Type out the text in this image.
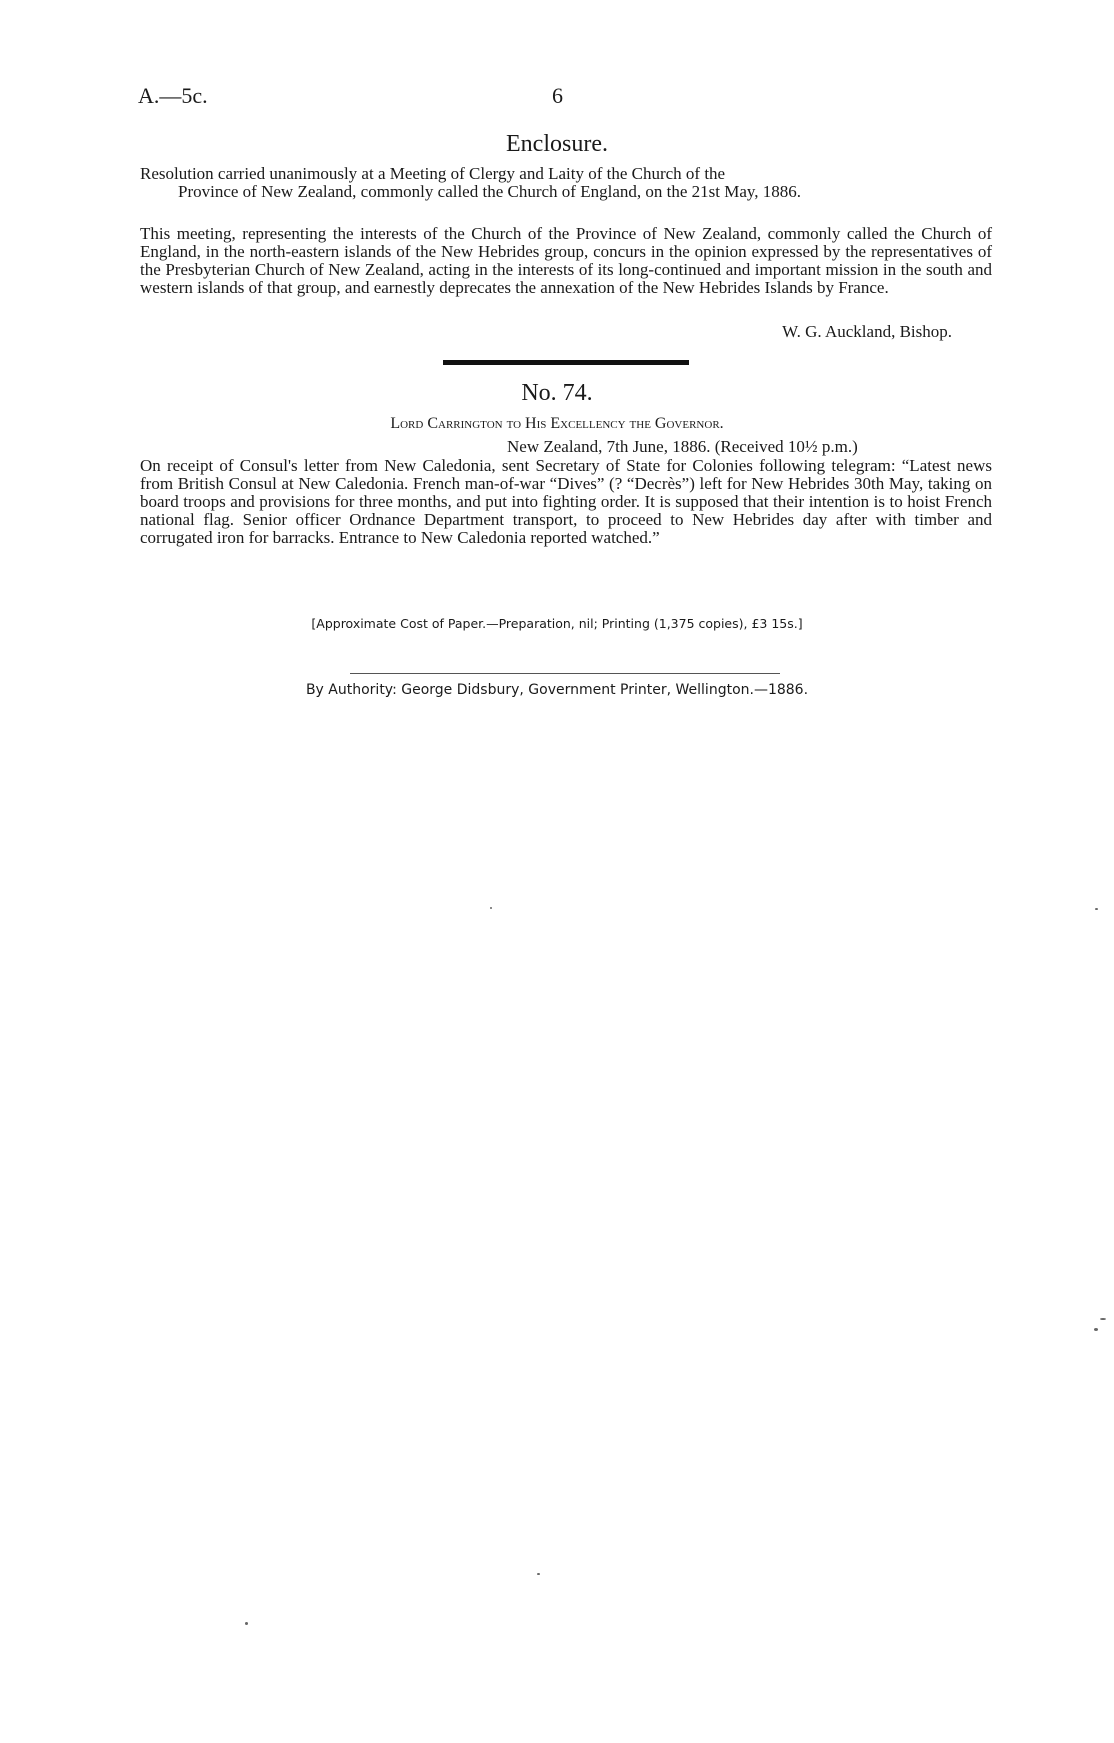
A.—5c.	6
Enclosure.
Resolution carried unanimously at a Meeting of Clergy and Laity of the Church of the
Province of New Zealand, commonly called the Church of England, on the 21st May, 1886.
This meeting, representing the interests of the Church of the Province of New Zealand, commonly called the Church of England, in the north-eastern islands of the New Hebrides group, concurs in the opinion expressed by the representatives of the Presbyterian Church of New Zealand, acting in the interests of its long-continued and important mission in the south and western islands of that group, and earnestly deprecates the annexation of the New Hebrides Islands by France.
W. G. Auckland, Bishop.
No. 74.
Lord Carrington to His Excellency the Governor.
New Zealand, 7th June, 1886. (Received 10½ p.m.)
On receipt of Consul's letter from New Caledonia, sent Secretary of State for Colonies following telegram: “Latest news from British Consul at New Caledonia. French man-of-war “Dives” (? “Decrès”) left for New Hebrides 30th May, taking on board troops and provisions for three months, and put into fighting order. It is supposed that their intention is to hoist French national flag. Senior officer Ordnance Department transport, to proceed to New Hebrides day after with timber and corrugated iron for barracks. Entrance to New Caledonia reported watched.”
[Approximate Cost of Paper.—Preparation, nil; Printing (1,375 copies), £3 15s.]
By Authority: George Didsbury, Government Printer, Wellington.—1886.
